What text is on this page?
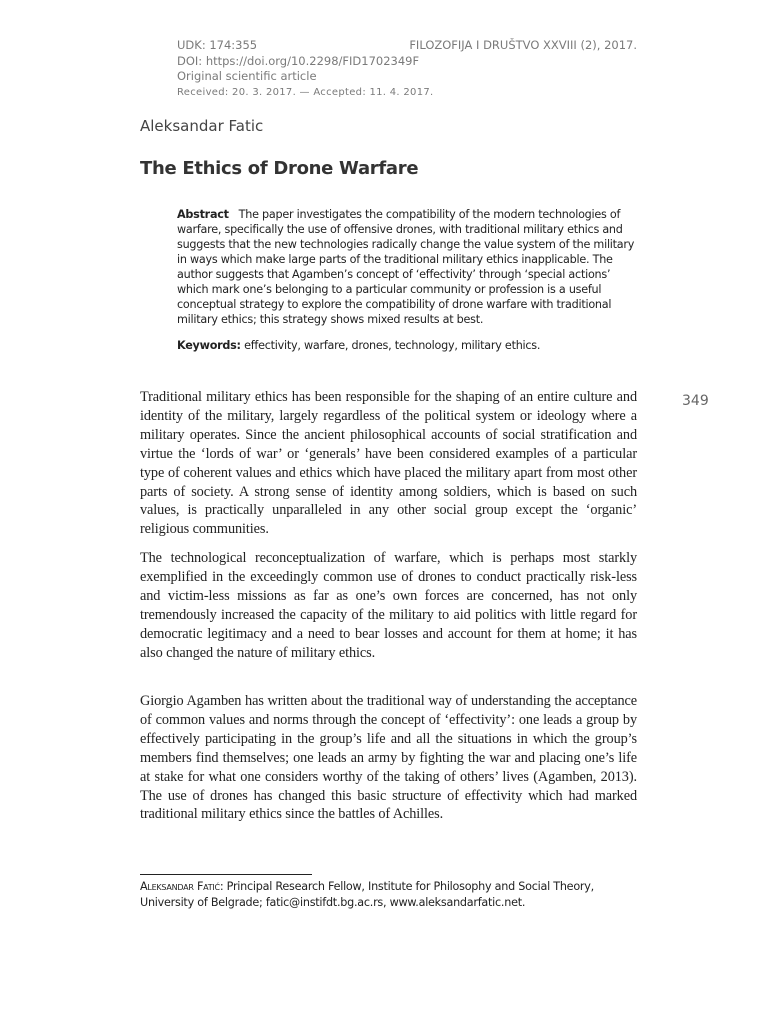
UDK: 174:355	FILOZOFIJA I DRUŠTVO XXVIII (2), 2017.
DOI: https://doi.org/10.2298/FID1702349F
Original scientific article
Received: 20. 3. 2017. — Accepted: 11. 4. 2017.
Aleksandar Fatic
The Ethics of Drone Warfare

Abstract The paper investigates the compatibility of the modern technologies of warfare, specifically the use of offensive drones, with traditional military ethics and suggests that the new technologies radically change the value system of the military in ways which make large parts of the traditional military ethics inapplicable. The author suggests that Agamben’s concept of ‘effectivity’ through ‘special actions’ which mark one’s belonging to a particular community or profession is a useful conceptual strategy to explore the compatibility of drone warfare with traditional military ethics; this strategy shows mixed results at best.

Keywords: effectivity, warfare, drones, technology, military ethics.

349

Traditional military ethics has been responsible for the shaping of an entire culture and identity of the military, largely regardless of the political system or ideology where a military operates. Since the ancient philosophical accounts of social stratification and virtue the ‘lords of war’ or ‘generals’ have been considered examples of a particular type of coherent values and ethics which have placed the military apart from most other parts of society. A strong sense of identity among soldiers, which is based on such values, is practically unparalleled in any other social group except the ‘organic’ religious communities.

The technological reconceptualization of warfare, which is perhaps most starkly exemplified in the exceedingly common use of drones to conduct practically risk-less and victim-less missions as far as one’s own forces are concerned, has not only tremendously increased the capacity of the military to aid politics with little regard for democratic legitimacy and a need to bear losses and account for them at home; it has also changed the nature of military ethics.

Giorgio Agamben has written about the traditional way of understanding the acceptance of common values and norms through the concept of ‘effectivity’: one leads a group by effectively participating in the group’s life and all the situations in which the group’s members find themselves; one leads an army by fighting the war and placing one’s life at stake for what one considers worthy of the taking of others’ lives (Agamben, 2013). The use of drones has changed this basic structure of effectivity which had marked traditional military ethics since the battles of Achilles.

Aleksandar Fatić: Principal Research Fellow, Institute for Philosophy and Social Theory, University of Belgrade; fatic@instifdt.bg.ac.rs, www.aleksandarfatic.net.
